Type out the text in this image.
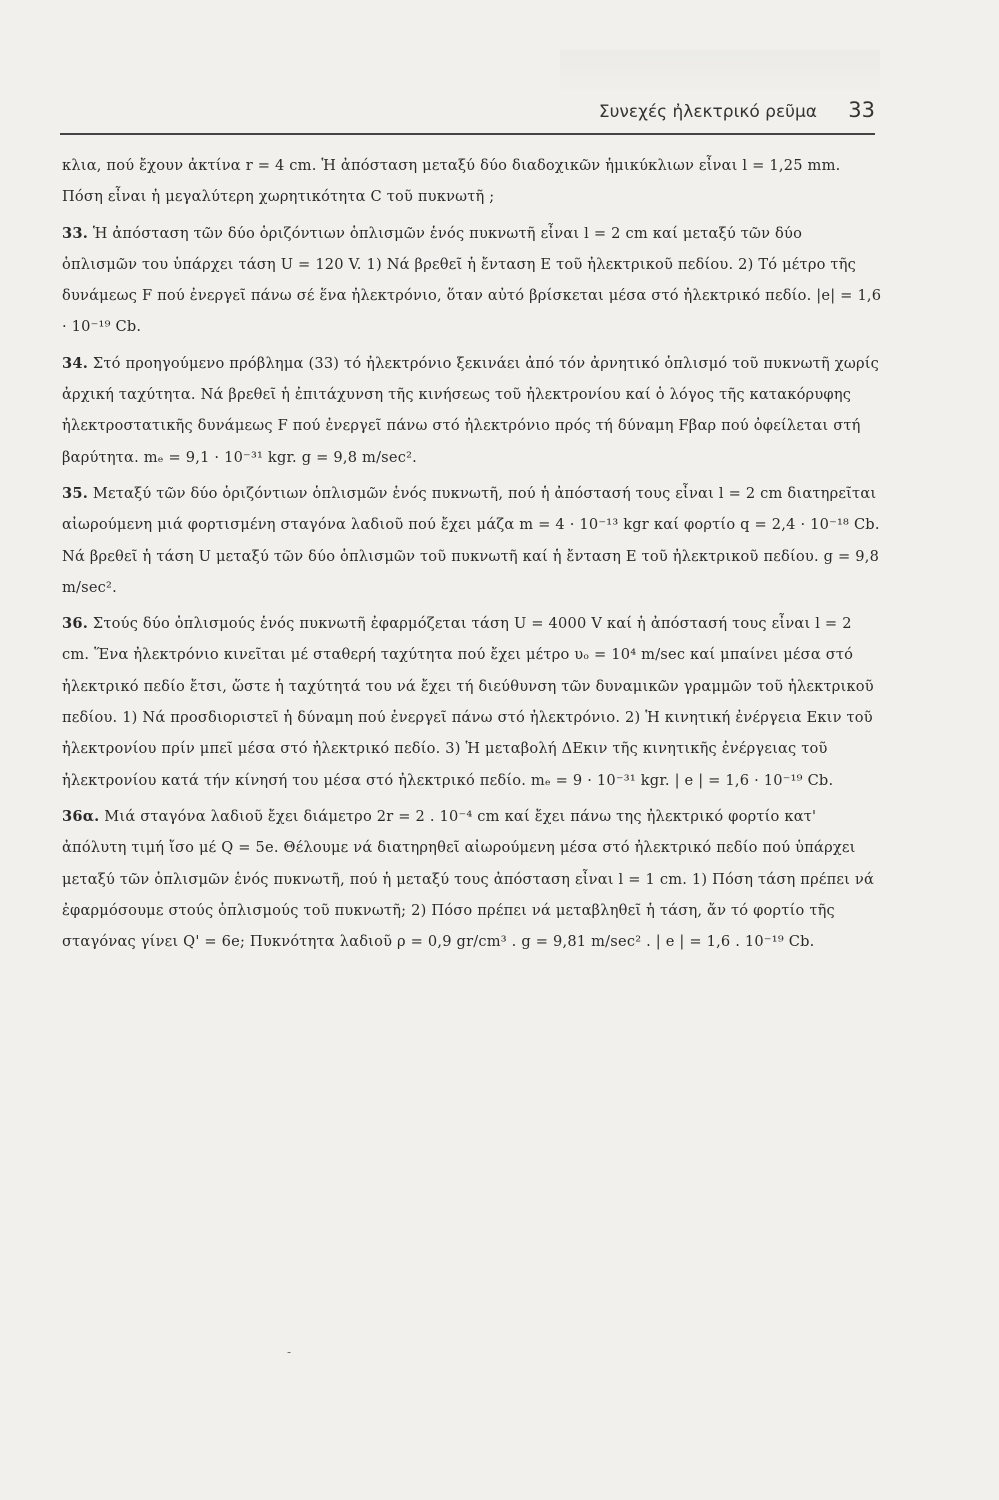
Συνεχές ἠλεκτρικό ρεῦμα 33

κλια, πού ἔχουν ἀκτίνα r = 4 cm. Ἡ ἀπόσταση μεταξύ δύο διαδοχικῶν ἡμικύκλιων εἶναι l = 1,25 mm. Πόση εἶναι ἡ μεγαλύτερη χωρητικότητα C τοῦ πυκνωτῆ ;

33. Ἡ ἀπόσταση τῶν δύο ὁριζόντιων ὁπλισμῶν ἑνός πυκνωτῆ εἶναι l = 2 cm καί μεταξύ τῶν δύο ὁπλισμῶν του ὑπάρχει τάση U = 120 V. 1) Νά βρεθεῖ ἡ ἔνταση Ε τοῦ ἠλεκτρικοῦ πεδίου. 2) Τό μέτρο τῆς δυνάμεως F πού ἐνεργεῖ πάνω σέ ἕνα ἠλεκτρόνιο, ὅταν αὐτό βρίσκεται μέσα στό ἠλεκτρικό πεδίο. |e| = 1,6 · 10⁻¹⁹ Cb.

34. Στό προηγούμενο πρόβλημα (33) τό ἠλεκτρόνιο ξεκινάει ἀπό τόν ἀρνητικό ὁπλισμό τοῦ πυκνωτῆ χωρίς ἀρχική ταχύτητα. Νά βρεθεῖ ἡ ἐπιτάχυνση τῆς κινήσεως τοῦ ἠλεκτρονίου καί ὁ λόγος τῆς κατακόρυφης ἠλεκτροστατικῆς δυνάμεως F πού ἐνεργεῖ πάνω στό ἠλεκτρόνιο πρός τή δύναμη Fβαρ πού ὀφείλεται στή βαρύτητα. mₑ = 9,1 · 10⁻³¹ kgr. g = 9,8 m/sec².

35. Μεταξύ τῶν δύο ὁριζόντιων ὁπλισμῶν ἑνός πυκνωτῆ, πού ἡ ἀπόστασή τους εἶναι l = 2 cm διατηρεῖται αἰωρούμενη μιά φορτισμένη σταγόνα λαδιοῦ πού ἔχει μάζα m = 4 · 10⁻¹³ kgr καί φορτίο q = 2,4 · 10⁻¹⁸ Cb. Νά βρεθεῖ ἡ τάση U μεταξύ τῶν δύο ὁπλισμῶν τοῦ πυκνωτῆ καί ἡ ἔνταση Ε τοῦ ἠλεκτρικοῦ πεδίου. g = 9,8 m/sec².

36. Στούς δύο ὁπλισμούς ἑνός πυκνωτῆ ἐφαρμόζεται τάση U = 4000 V καί ἡ ἀπόστασή τους εἶναι l = 2 cm. Ἕνα ἠλεκτρόνιο κινεῖται μέ σταθερή ταχύτητα πού ἔχει μέτρο υₒ = 10⁴ m/sec καί μπαίνει μέσα στό ἠλεκτρικό πεδίο ἔτσι, ὥστε ἡ ταχύτητά του νά ἔχει τή διεύθυνση τῶν δυναμικῶν γραμμῶν τοῦ ἠλεκτρικοῦ πεδίου. 1) Νά προσδιοριστεῖ ἡ δύναμη πού ἐνεργεῖ πάνω στό ἠλεκτρόνιο. 2) Ἡ κινητική ἐνέργεια Εκιν τοῦ ἠλεκτρονίου πρίν μπεῖ μέσα στό ἠλεκτρικό πεδίο. 3) Ἡ μεταβολή ΔΕκιν τῆς κινητικῆς ἐνέργειας τοῦ ἠλεκτρονίου κατά τήν κίνησή του μέσα στό ἠλεκτρικό πεδίο. mₑ = 9 · 10⁻³¹ kgr. | e | = 1,6 · 10⁻¹⁹ Cb.

36α. Μιά σταγόνα λαδιοῦ ἔχει διάμετρο 2r = 2 . 10⁻⁴ cm καί ἔχει πάνω της ἠλεκτρικό φορτίο κατ' ἀπόλυτη τιμή ἴσο μέ Q = 5e. Θέλουμε νά διατηρηθεῖ αἰωρούμενη μέσα στό ἠλεκτρικό πεδίο πού ὑπάρχει μεταξύ τῶν ὁπλισμῶν ἑνός πυκνωτῆ, πού ἡ μεταξύ τους ἀπόσταση εἶναι l = 1 cm. 1) Πόση τάση πρέπει νά ἐφαρμόσουμε στούς ὁπλισμούς τοῦ πυκνωτῆ; 2) Πόσο πρέπει νά μεταβληθεῖ ἡ τάση, ἄν τό φορτίο τῆς σταγόνας γίνει Q' = 6e; Πυκνότητα λαδιοῦ ρ = 0,9 gr/cm³ . g = 9,81 m/sec² . | e | = 1,6 . 10⁻¹⁹ Cb.

-
